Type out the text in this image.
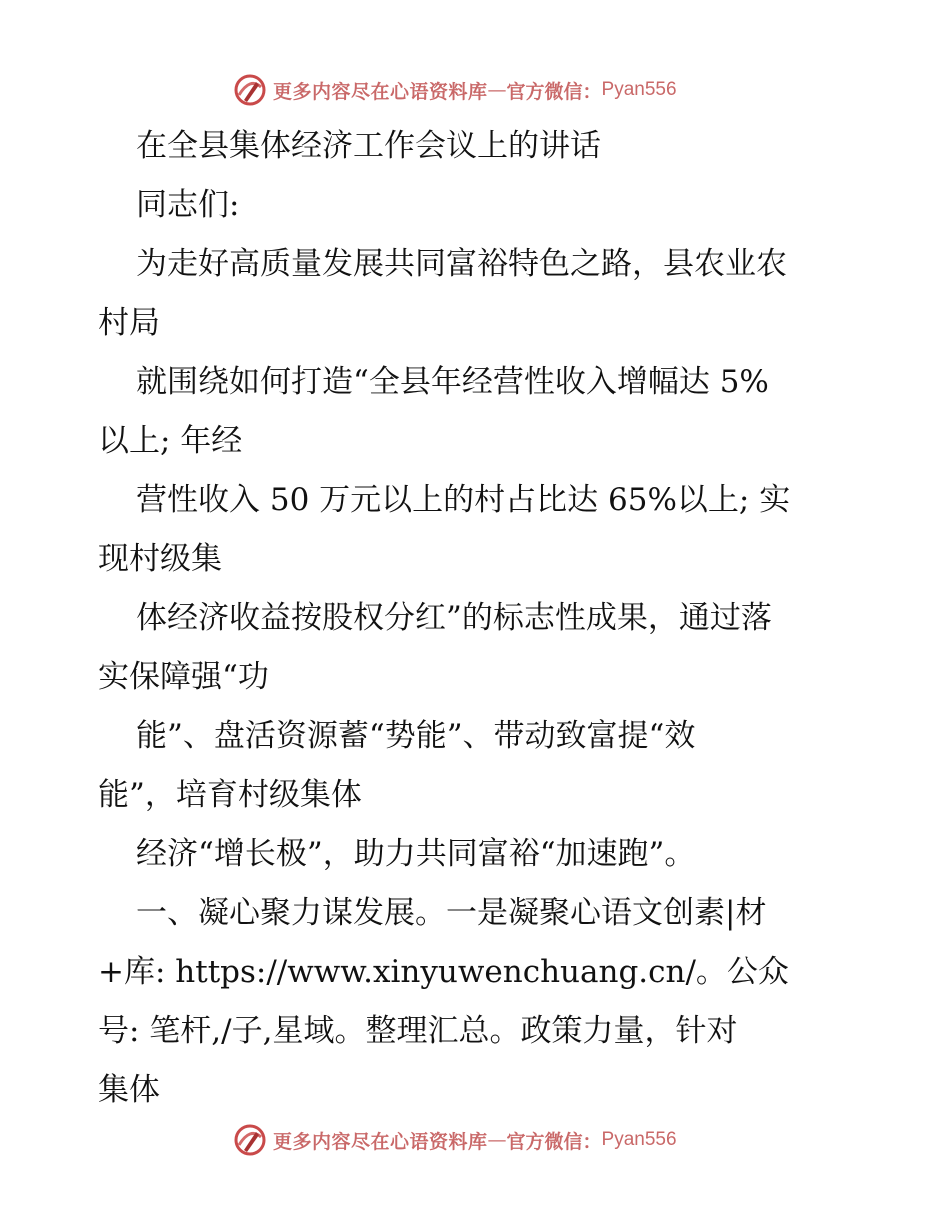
更多内容尽在心语资料库 — 官方微信： Pyan556
在全县集体经济工作会议上的讲话
同志们:
为走好高质量发展共同富裕特色之路，县农业农
村局
就围绕如何打造“全县年经营性收入增幅达 5%
以上; 年经
营性收入 50 万元以上的村占比达 65%以上; 实
现村级集
体经济收益按股权分红”的标志性成果，通过落
实保障强“功
能”、盘活资源蓄“势能”、带动致富提“效
能”，培育村级集体
经济“增长极”，助力共同富裕“加速跑”。
一、凝心聚力谋发展。一是凝聚心语文创素|材
+库: https://www.xinyuwenchuang.cn/。公众
号: 笔杆,/子,星域。整理汇总。政策力量，针对
集体
更多内容尽在心语资料库 — 官方微信： Pyan556
